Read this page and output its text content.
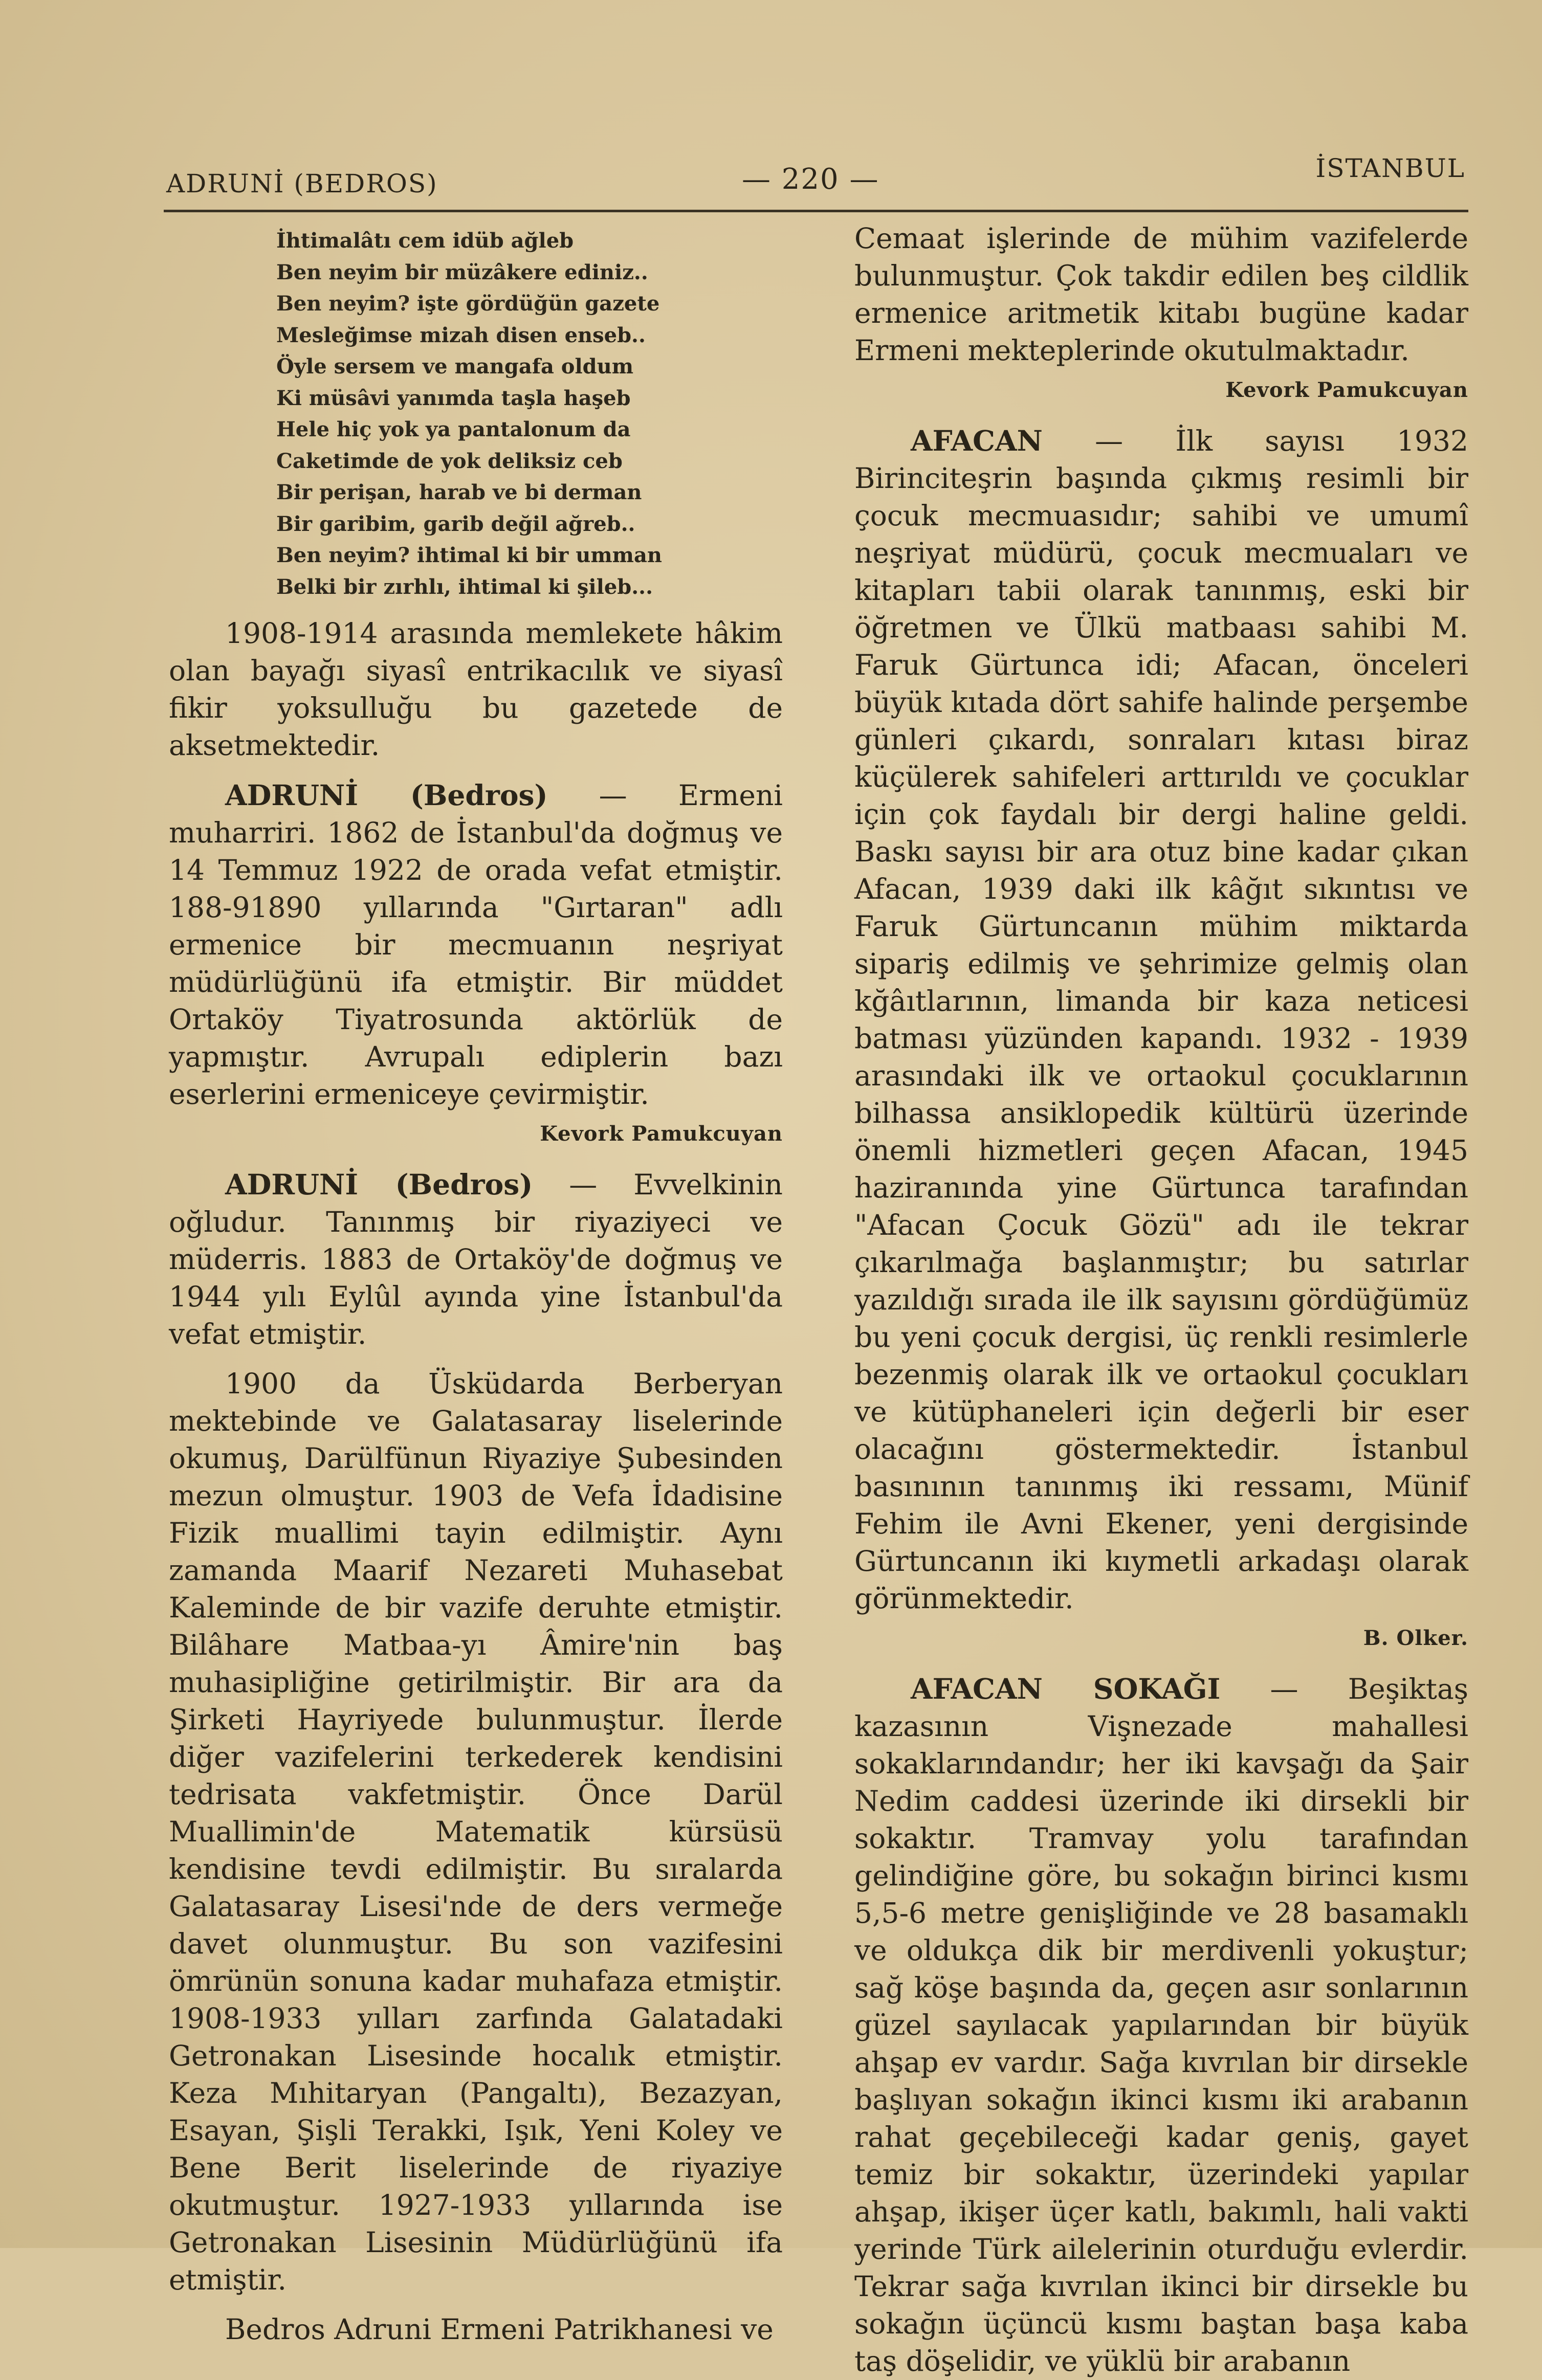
ADRUNİ (BEDROS)	— 220 —	İSTANBUL
İhtimalâtı cem idüb ağleb
Ben neyim bir müzâkere ediniz..
Ben neyim? işte gördüğün gazete
Mesleğimse mizah disen enseb..
Öyle sersem ve mangafa oldum
Ki müsâvi yanımda taşla haşeb
Hele hiç yok ya pantalonum da
Caketimde de yok deliksiz ceb
Bir perişan, harab ve bi derman
Bir garibim, garib değil ağreb..
Ben neyim? ihtimal ki bir umman
Belki bir zırhlı, ihtimal ki şileb...

1908-1914 arasında memlekete hâkim olan bayağı siyasî entrikacılık ve siyasî fikir yoksulluğu bu gazetede de aksetmektedir.

ADRUNİ (Bedros) — Ermeni muharriri. 1862 de İstanbul'da doğmuş ve 14 Temmuz 1922 de orada vefat etmiştir. 188-91890 yıllarında "Gırtaran" adlı ermenice bir mecmuanın neşriyat müdürlüğünü ifa etmiştir. Bir müddet Ortaköy Tiyatrosunda aktörlük de yapmıştır. Avrupalı ediplerin bazı eserlerini ermeniceye çevirmiştir.

Kevork Pamukcuyan

ADRUNİ (Bedros) — Evvelkinin oğludur. Tanınmış bir riyaziyeci ve müderris. 1883 de Ortaköy'de doğmuş ve 1944 yılı Eylûl ayında yine İstanbul'da vefat etmiştir.

1900 da Üsküdarda Berberyan mektebinde ve Galatasaray liselerinde okumuş, Darülfünun Riyaziye Şubesinden mezun olmuştur. 1903 de Vefa İdadisine Fizik muallimi tayin edilmiştir. Aynı zamanda Maarif Nezareti Muhasebat Kaleminde de bir vazife deruhte etmiştir. Bilâhare Matbaa-yı Âmire'nin baş muhasipliğine getirilmiştir. Bir ara da Şirketi Hayriyede bulunmuştur. İlerde diğer vazifelerini terkederek kendisini tedrisata vakfetmiştir. Önce Darül Muallimin'de Matematik kürsüsü kendisine tevdi edilmiştir. Bu sıralarda Galatasaray Lisesi'nde de ders vermeğe davet olunmuştur. Bu son vazifesini ömrünün sonuna kadar muhafaza etmiştir. 1908-1933 yılları zarfında Galatadaki Getronakan Lisesinde hocalık etmiştir. Keza Mıhitaryan (Pangaltı), Bezazyan, Esayan, Şişli Terakki, Işık, Yeni Koley ve Bene Berit liselerinde de riyaziye okutmuştur. 1927-1933 yıllarında ise Getronakan Lisesinin Müdürlüğünü ifa etmiştir.

Bedros Adruni Ermeni Patrikhanesi ve

Cemaat işlerinde de mühim vazifelerde bulunmuştur. Çok takdir edilen beş cildlik ermenice aritmetik kitabı bugüne kadar Ermeni mekteplerinde okutulmaktadır.

Kevork Pamukcuyan

AFACAN — İlk sayısı 1932 Birinciteşrin başında çıkmış resimli bir çocuk mecmuasıdır; sahibi ve umumî neşriyat müdürü, çocuk mecmuaları ve kitapları tabii olarak tanınmış, eski bir öğretmen ve Ülkü matbaası sahibi M. Faruk Gürtunca idi; Afacan, önceleri büyük kıtada dört sahife halinde perşembe günleri çıkardı, sonraları kıtası biraz küçülerek sahifeleri arttırıldı ve çocuklar için çok faydalı bir dergi haline geldi. Baskı sayısı bir ara otuz bine kadar çıkan Afacan, 1939 daki ilk kâğıt sıkıntısı ve Faruk Gürtuncanın mühim miktarda sipariş edilmiş ve şehrimize gelmiş olan kğâıtlarının, limanda bir kaza neticesi batması yüzünden kapandı. 1932 - 1939 arasındaki ilk ve ortaokul çocuklarının bilhassa ansiklopedik kültürü üzerinde önemli hizmetleri geçen Afacan, 1945 haziranında yine Gürtunca tarafından "Afacan Çocuk Gözü" adı ile tekrar çıkarılmağa başlanmıştır; bu satırlar yazıldığı sırada ile ilk sayısını gördüğümüz bu yeni çocuk dergisi, üç renkli resimlerle bezenmiş olarak ilk ve ortaokul çocukları ve kütüphaneleri için değerli bir eser olacağını göstermektedir. İstanbul basınının tanınmış iki ressamı, Münif Fehim ile Avni Ekener, yeni dergisinde Gürtuncanın iki kıymetli arkadaşı olarak görünmektedir.

B. Olker.

AFACAN SOKAĞI — Beşiktaş kazasının Vişnezade mahallesi sokaklarındandır; her iki kavşağı da Şair Nedim caddesi üzerinde iki dirsekli bir sokaktır. Tramvay yolu tarafından gelindiğine göre, bu sokağın birinci kısmı 5,5-6 metre genişliğinde ve 28 basamaklı ve oldukça dik bir merdivenli yokuştur; sağ köşe başında da, geçen asır sonlarının güzel sayılacak yapılarından bir büyük ahşap ev vardır. Sağa kıvrılan bir dirsekle başlıyan sokağın ikinci kısmı iki arabanın rahat geçebileceği kadar geniş, gayet temiz bir sokaktır, üzerindeki yapılar ahşap, ikişer üçer katlı, bakımlı, hali vakti yerinde Türk ailelerinin oturduğu evlerdir. Tekrar sağa kıvrılan ikinci bir dirsekle bu sokağın üçüncü kısmı baştan başa kaba taş döşelidir, ve yüklü bir arabanın
